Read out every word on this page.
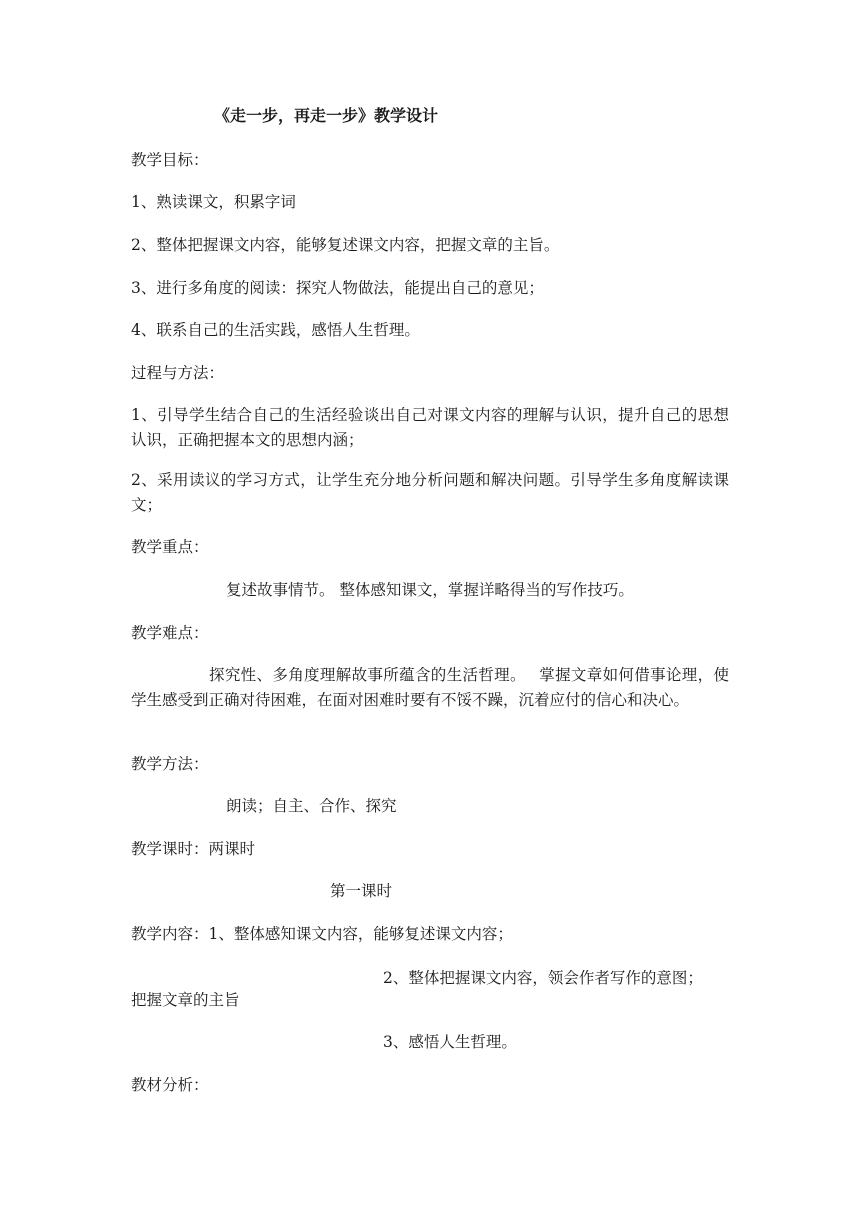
《走一步，再走一步》教学设计
教学目标：
1、熟读课文，积累字词
2、整体把握课文内容，能够复述课文内容，把握文章的主旨。
3、进行多角度的阅读：探究人物做法，能提出自己的意见；
4、联系自己的生活实践，感悟人生哲理。
过程与方法：
1、引导学生结合自己的生活经验谈出自己对课文内容的理解与认识，提升自己的思想认识，正确把握本文的思想内涵；
2、采用读议的学习方式，让学生充分地分析问题和解决问题。引导学生多角度解读课文；
教学重点：
复述故事情节。 整体感知课文，掌握详略得当的写作技巧。
教学难点：
探究性、多角度理解故事所蕴含的生活哲理。　 掌握文章如何借事论理，使学生感受到正确对待困难，在面对困难时要有不馁不躁，沉着应付的信心和决心。
教学方法：
朗读；自主、合作、探究
教学课时：两课时
第一课时
教学内容：1、整体感知课文内容，能够复述课文内容；
2、整体把握课文内容，领会作者写作的意图；
把握文章的主旨
3、感悟人生哲理。
教材分析：
